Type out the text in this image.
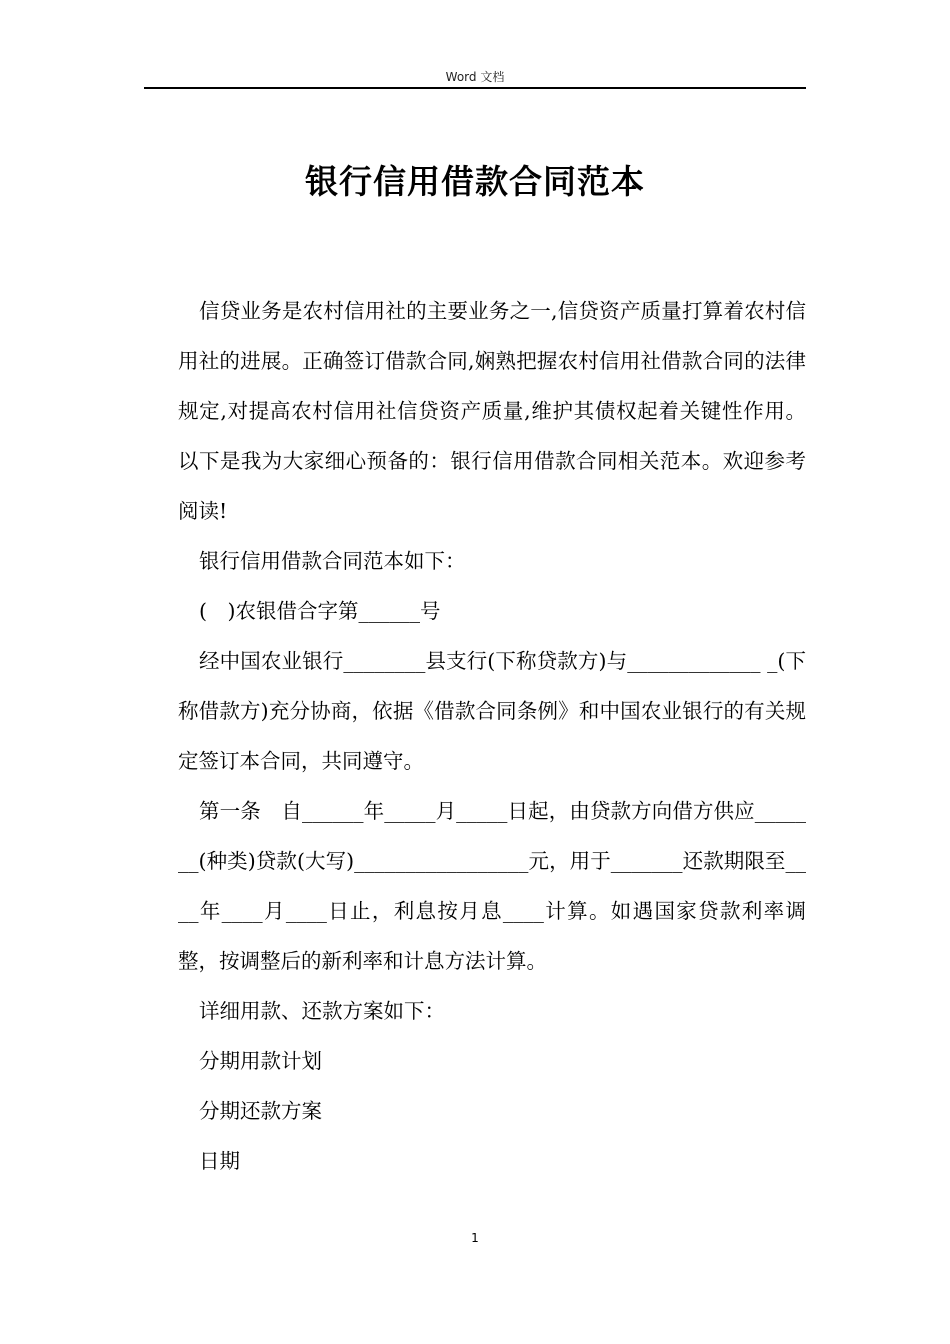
Word 文档
银行信用借款合同范本

信贷业务是农村信用社的主要业务之一,信贷资产质量打算着农村信用社的进展。正确签订借款合同,娴熟把握农村信用社借款合同的法律规定,对提高农村信用社信贷资产质量,维护其债权起着关键性作用。以下是我为大家细心预备的：银行信用借款合同相关范本。欢迎参考阅读!

银行信用借款合同范本如下：

(　)农银借合字第______号

经中国农业银行________县支行(下称贷款方)与_____________ _(下称借款方)充分协商，依据《借款合同条例》和中国农业银行的有关规定签订本合同，共同遵守。

第一条　自______年_____月_____日起，由贷款方向借方供应_______(种类)贷款(大写)_________________元，用于_______还款期限至____年____月____日止，利息按月息____计算。如遇国家贷款利率调整，按调整后的新利率和计息方法计算。

详细用款、还款方案如下：

分期用款计划

分期还款方案

日期

1
